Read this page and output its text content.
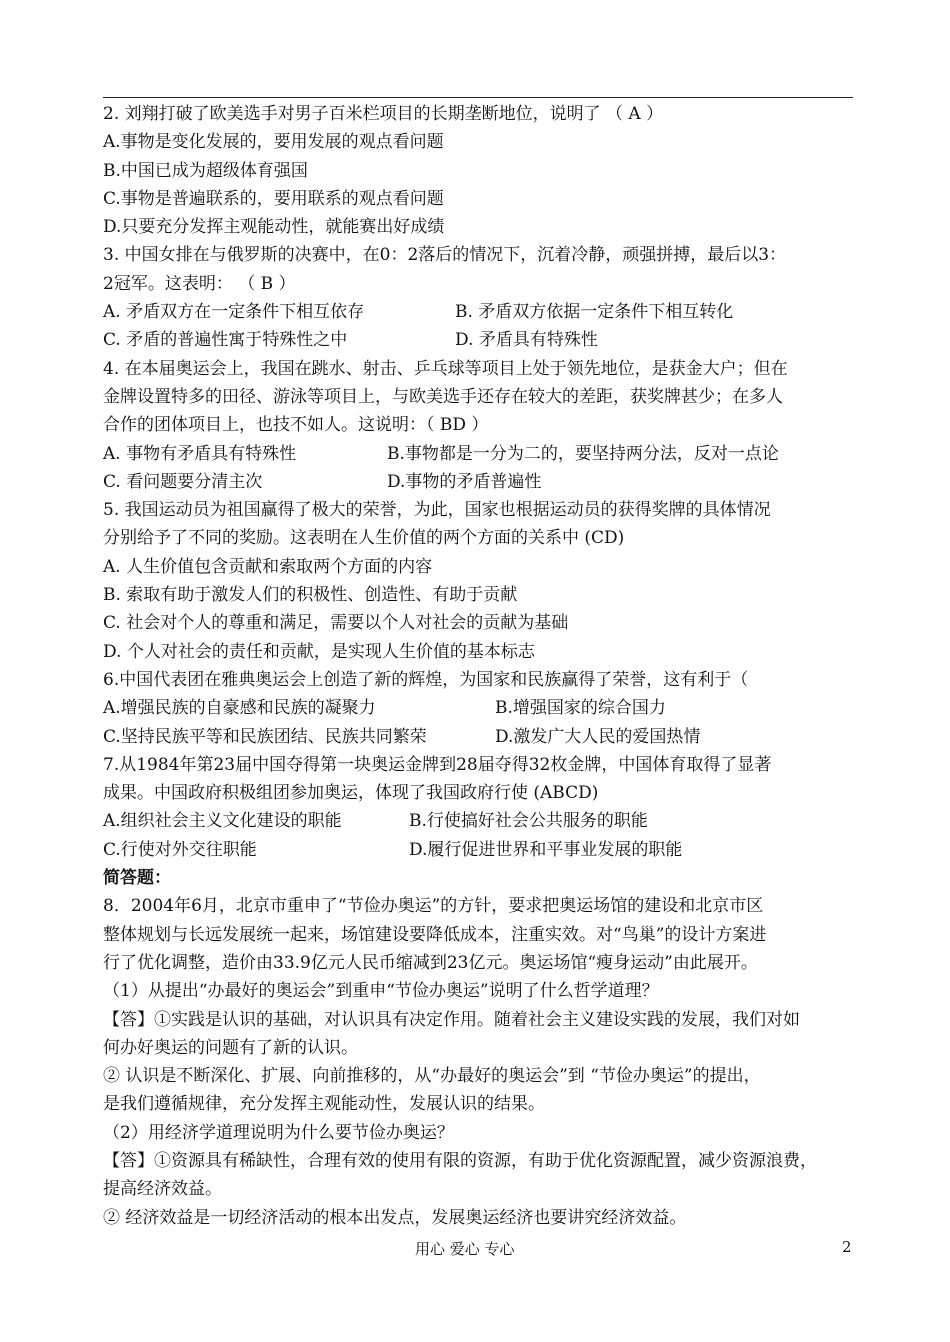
2. 刘翔打破了欧美选手对男子百米栏项目的长期垄断地位，说明了 （ A ）
A.事物是变化发展的，要用发展的观点看问题
B.中国已成为超级体育强国
C.事物是普遍联系的，要用联系的观点看问题
D.只要充分发挥主观能动性，就能赛出好成绩
3. 中国女排在与俄罗斯的决赛中，在0：2落后的情况下，沉着冷静，顽强拼搏，最后以3：
2冠军。这表明： （ B ）
A. 矛盾双方在一定条件下相互依存	B. 矛盾双方依据一定条件下相互转化
C. 矛盾的普遍性寓于特殊性之中	D. 矛盾具有特殊性
4. 在本届奥运会上，我国在跳水、射击、乒乓球等项目上处于领先地位，是获金大户；但在
金牌设置特多的田径、游泳等项目上，与欧美选手还存在较大的差距，获奖牌甚少；在多人
合作的团体项目上，也技不如人。这说明：（ BD ）
A. 事物有矛盾具有特殊性	B.事物都是一分为二的，要坚持两分法，反对一点论
C. 看问题要分清主次	D.事物的矛盾普遍性
5. 我国运动员为祖国赢得了极大的荣誉，为此，国家也根据运动员的获得奖牌的具体情况
分别给予了不同的奖励。这表明在人生价值的两个方面的关系中 (CD)
A. 人生价值包含贡献和索取两个方面的内容
B. 索取有助于激发人们的积极性、创造性、有助于贡献
C. 社会对个人的尊重和满足，需要以个人对社会的贡献为基础
D. 个人对社会的责任和贡献，是实现人生价值的基本标志
6.中国代表团在雅典奥运会上创造了新的辉煌，为国家和民族赢得了荣誉，这有利于（
A.增强民族的自豪感和民族的凝聚力	B.增强国家的综合国力
C.坚持民族平等和民族团结、民族共同繁荣	D.激发广大人民的爱国热情
7.从1984年第23届中国夺得第一块奥运金牌到28届夺得32枚金牌，中国体育取得了显著
成果。中国政府积极组团参加奥运，体现了我国政府行使 (ABCD)
A.组织社会主义文化建设的职能	B.行使搞好社会公共服务的职能
C.行使对外交往职能	D.履行促进世界和平事业发展的职能
简答题：
8．2004年6月，北京市重申了“节俭办奥运”的方针，要求把奥运场馆的建设和北京市区
整体规划与长远发展统一起来，场馆建设要降低成本，注重实效。对“鸟巢”的设计方案进
行了优化调整，造价由33.9亿元人民币缩减到23亿元。奥运场馆“瘦身运动”由此展开。
（1）从提出“办最好的奥运会”到重申“节俭办奥运”说明了什么哲学道理？
【答】①实践是认识的基础，对认识具有决定作用。随着社会主义建设实践的发展，我们对如
何办好奥运的问题有了新的认识。
② 认识是不断深化、扩展、向前推移的，从“办最好的奥运会”到 “节俭办奥运”的提出，
是我们遵循规律，充分发挥主观能动性，发展认识的结果。
（2）用经济学道理说明为什么要节俭办奥运？
【答】①资源具有稀缺性，合理有效的使用有限的资源，有助于优化资源配置，减少资源浪费，
提高经济效益。
② 经济效益是一切经济活动的根本出发点，发展奥运经济也要讲究经济效益。
用心 爱心 专心	2
